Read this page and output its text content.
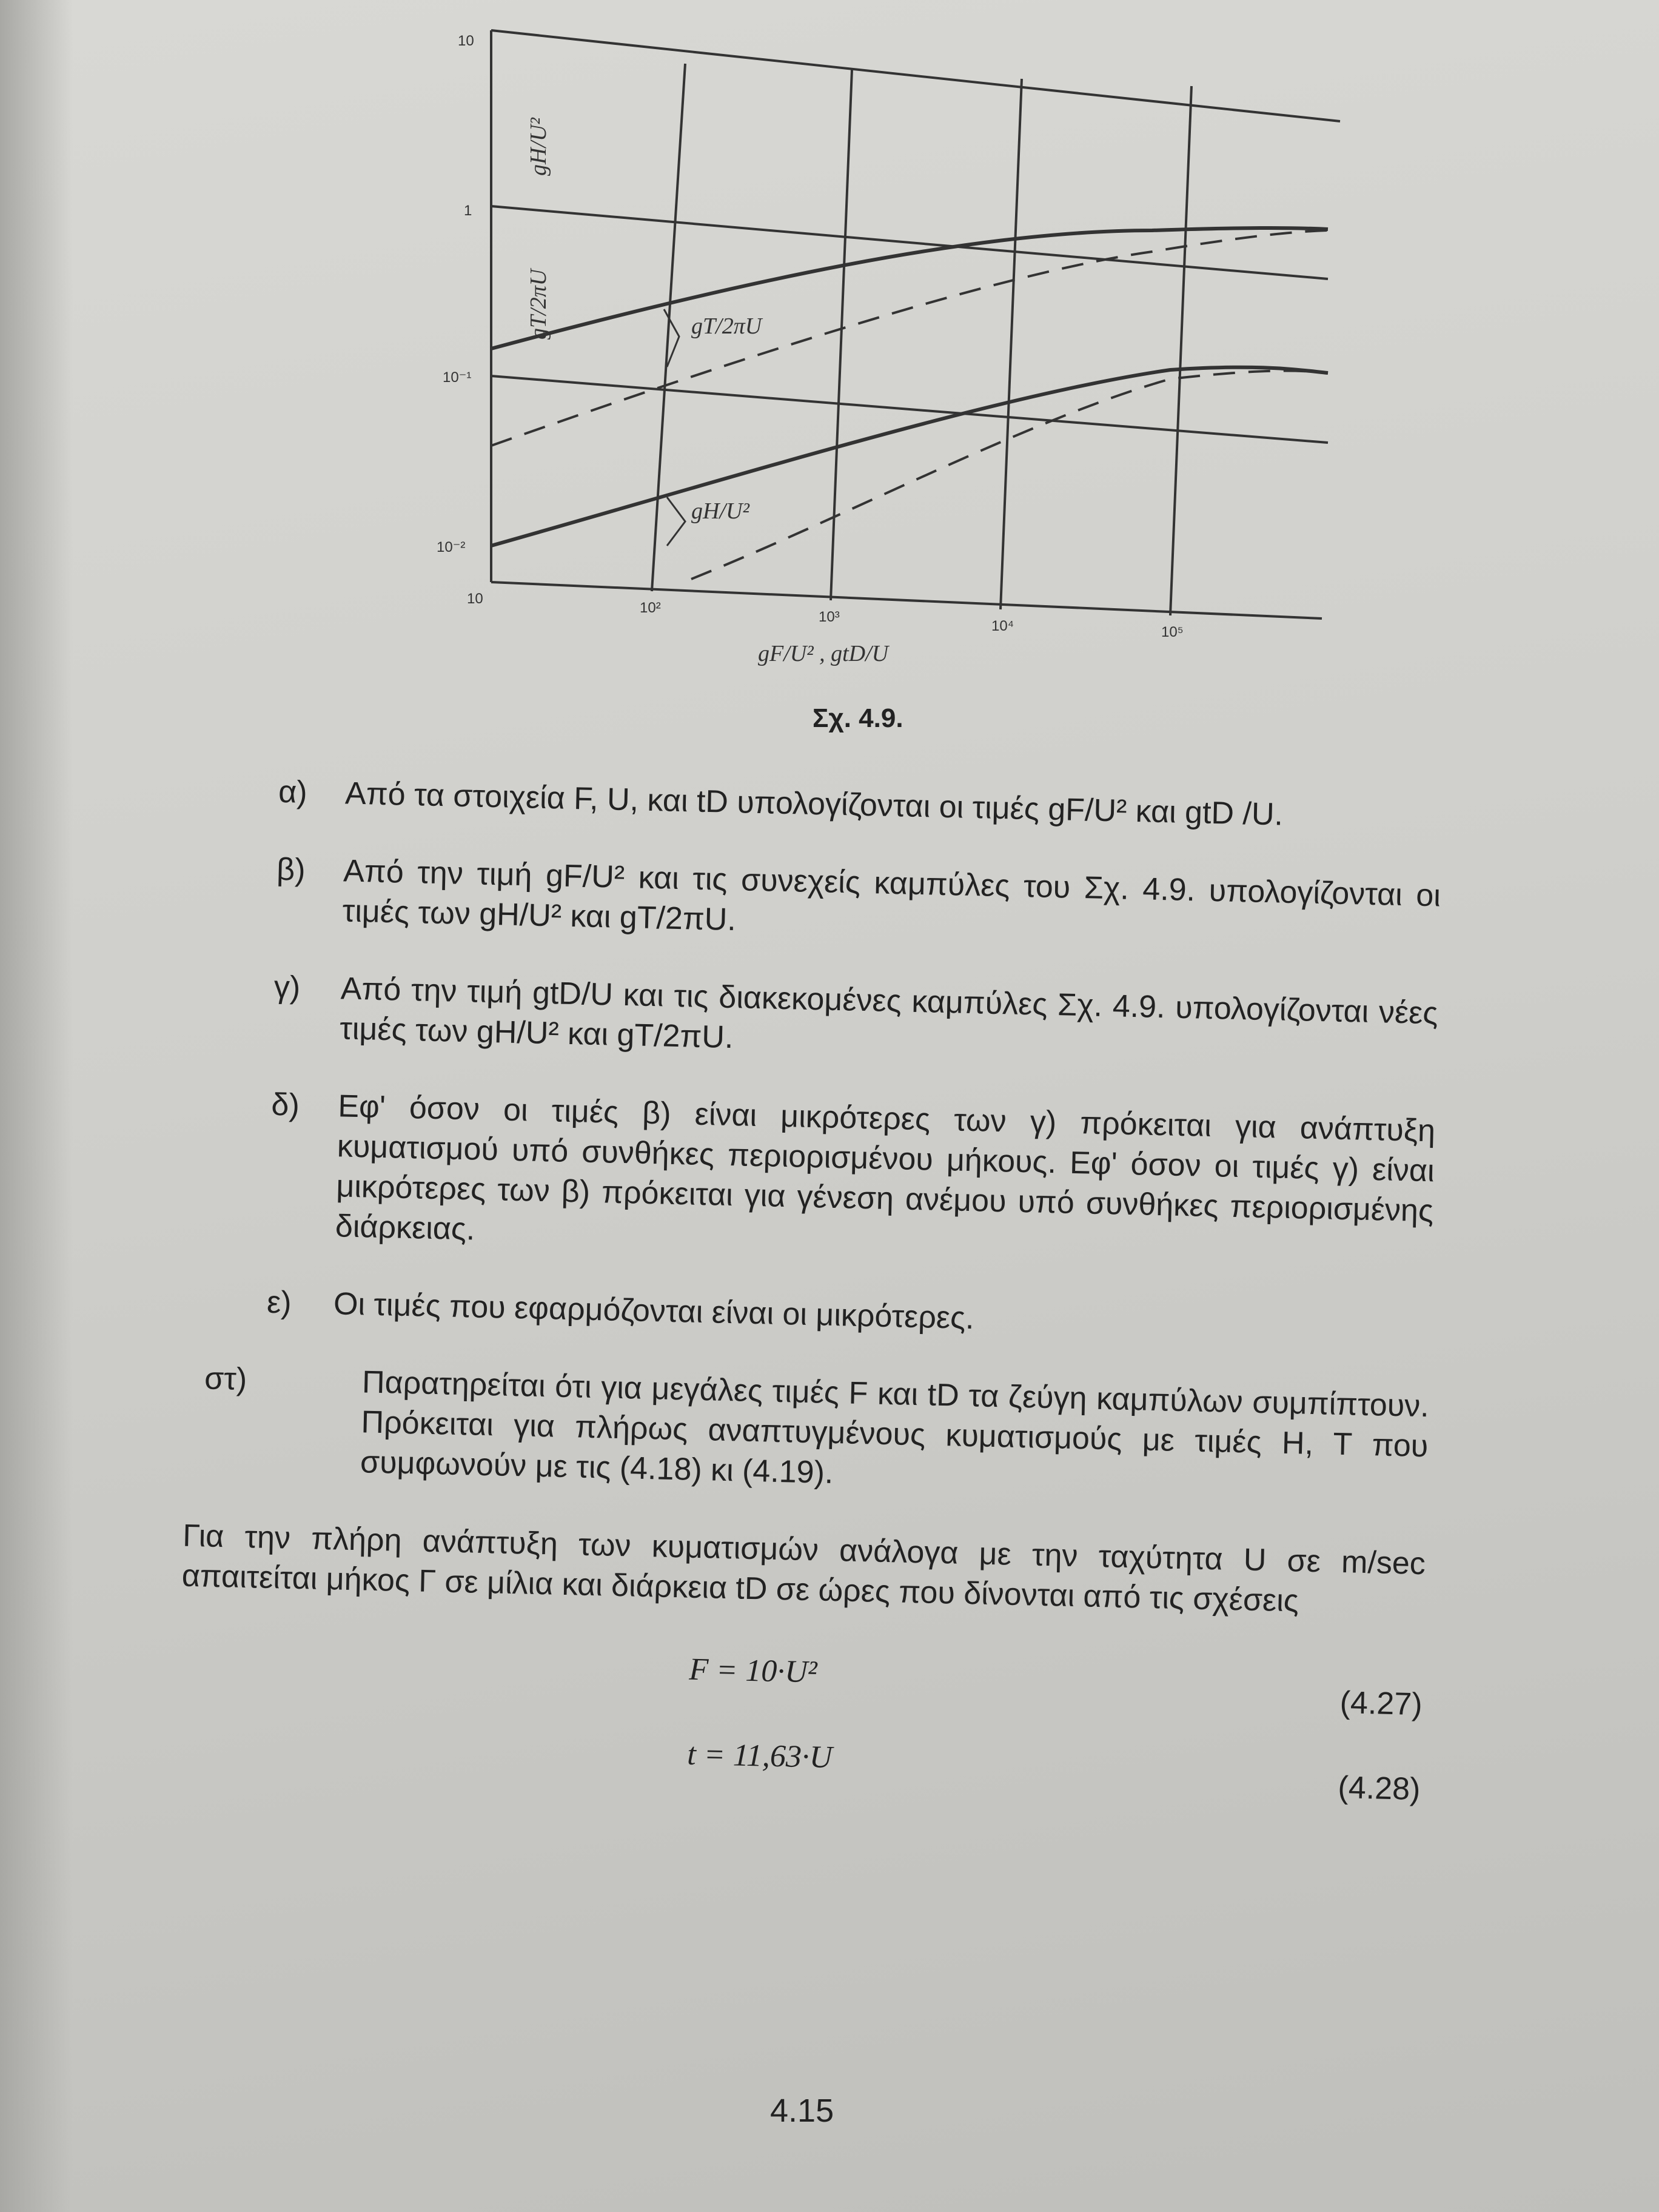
10
1
10⁻¹
10⁻²
10
10²
10³
10⁴	10⁵
gF/U² , gtD/U
gT/2πU
gH/U²
gH/U²
gT/2πU
Σχ. 4.9.
α)	Από τα στοιχεία F, U, και tD υπολογίζονται οι τιμές gF/U² και gtD /U.
β)	Από την τιμή gF/U² και τις συνεχείς καμπύλες του Σχ. 4.9. υπολογίζονται οι τιμές των gH/U² και gT/2πU.
γ)	Από την τιμή gtD/U και τις διακεκομένες καμπύλες Σχ. 4.9. υπολογίζονται νέες τιμές των gH/U² και gT/2πU.
δ)	Εφ' όσον οι τιμές β) είναι μικρότερες των γ) πρόκειται για ανάπτυξη κυματισμού υπό συνθήκες περιορισμένου μήκους. Εφ' όσον οι τιμές γ) είναι μικρότερες των β) πρόκειται για γένεση ανέμου υπό συνθήκες περιορισμένης διάρκειας.
ε)	Οι τιμές που εφαρμόζονται είναι οι μικρότερες.
στ)	Παρατηρείται ότι για μεγάλες τιμές F και tD τα ζεύγη καμπύλων συμπίπτουν. Πρόκειται για πλήρως αναπτυγμένους κυματισμούς με τιμές H, T που συμφωνούν με τις (4.18) κι (4.19).
Για την πλήρη ανάπτυξη των κυματισμών ανάλογα με την ταχύτητα U σε m/sec απαιτείται μήκος Γ σε μίλια και διάρκεια tD σε ώρες που δίνονται από τις σχέσεις
F = 10·U²
(4.27)
t = 11,63·U
(4.28)
4.15
